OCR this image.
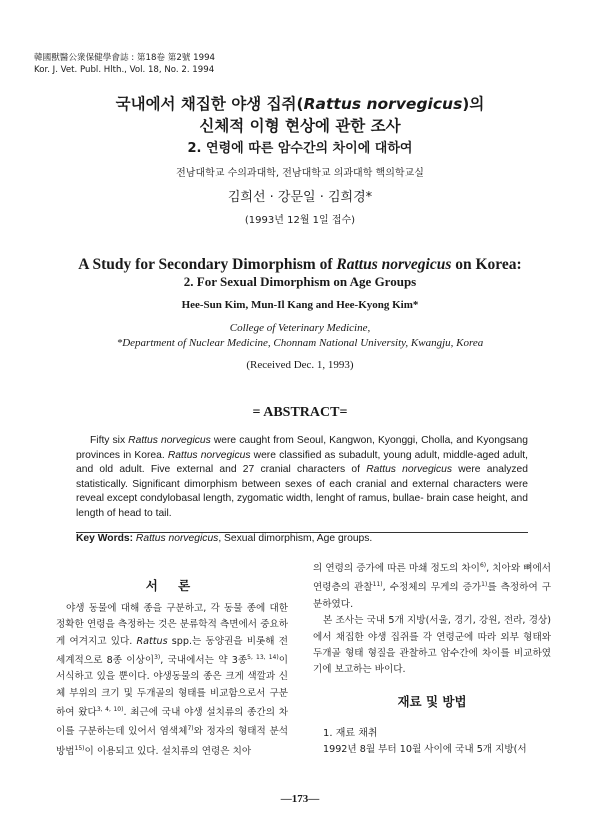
韓國獸醫公衆保健學會誌 : 第18卷 第2號 1994
Kor. J. Vet. Publ. Hlth., Vol. 18, No. 2. 1994
국내에서 채집한 야생 집쥐(Rattus norvegicus)의
신체적 이형 현상에 관한 조사
2. 연령에 따른 암수간의 차이에 대하여
전남대학교 수의과대학, 전남대학교 의과대학 핵의학교실
김희선 · 강문일 · 김희경*
(1993년 12월 1일 접수)
A Study for Secondary Dimorphism of Rattus norvegicus on Korea:
2. For Sexual Dimorphism on Age Groups
Hee-Sun Kim, Mun-Il Kang and Hee-Kyong Kim*
College of Veterinary Medicine,
*Department of Nuclear Medicine, Chonnam National University, Kwangju, Korea
(Received Dec. 1, 1993)
= ABSTRACT=

Fifty six Rattus norvegicus were caught from Seoul, Kangwon, Kyonggi, Cholla, and Kyongsang provinces in Korea. Rattus norvegicus were classified as subadult, young adult, middle-aged adult, and old adult. Five external and 27 cranial characters of Rattus norvegicus were analyzed statistically. Significant dimorphism between sexes of each cranial and external characters were reveal except condylobasal length, zygomatic width, lenght of ramus, bullae- brain case height, and length of head to tail.

Key Words: Rattus norvegicus, Sexual dimorphism, Age groups.
서 론

야생 동물에 대해 종을 구분하고, 각 동물 종에 대한 정확한 연령을 측정하는 것은 분류학적 측면에서 중요하게 여겨지고 있다. Rattus spp.는 동양권을 비롯해 전 세계적으로 8종 이상이$^{3)}$, 국내에서는 약 3종$^{5, 13, 14)}$이 서식하고 있을 뿐이다. 야생동물의 종은 크게 색깔과 신체 부위의 크기 및 두개골의 형태를 비교함으로서 구분하여 왔다$^{3, 4, 10)}$. 최근에 국내 야생 설치류의 종간의 차이를 구분하는데 있어서 염색체$^{7)}$와 정자의 형태적 분석방법$^{15)}$이 이용되고 있다. 설치류의 연령은 치아

의 연령의 증가에 따른 마쇄 정도의 차이$^{6)}$, 치아와 뼈에서 연령층의 관찰$^{11)}$, 수정체의 무게의 증가$^{1)}$를 측정하여 구분하였다.

본 조사는 국내 5개 지방(서울, 경기, 강원, 전라, 경상)에서 채집한 야생 집쥐를 각 연령군에 따라 외부 형태와 두개골 형태 형질을 관찰하고 암수간에 차이를 비교하였기에 보고하는 바이다.

재료 및 방법
1. 재료 채취

1992년 8월 부터 10월 사이에 국내 5개 지방(서

—173—
